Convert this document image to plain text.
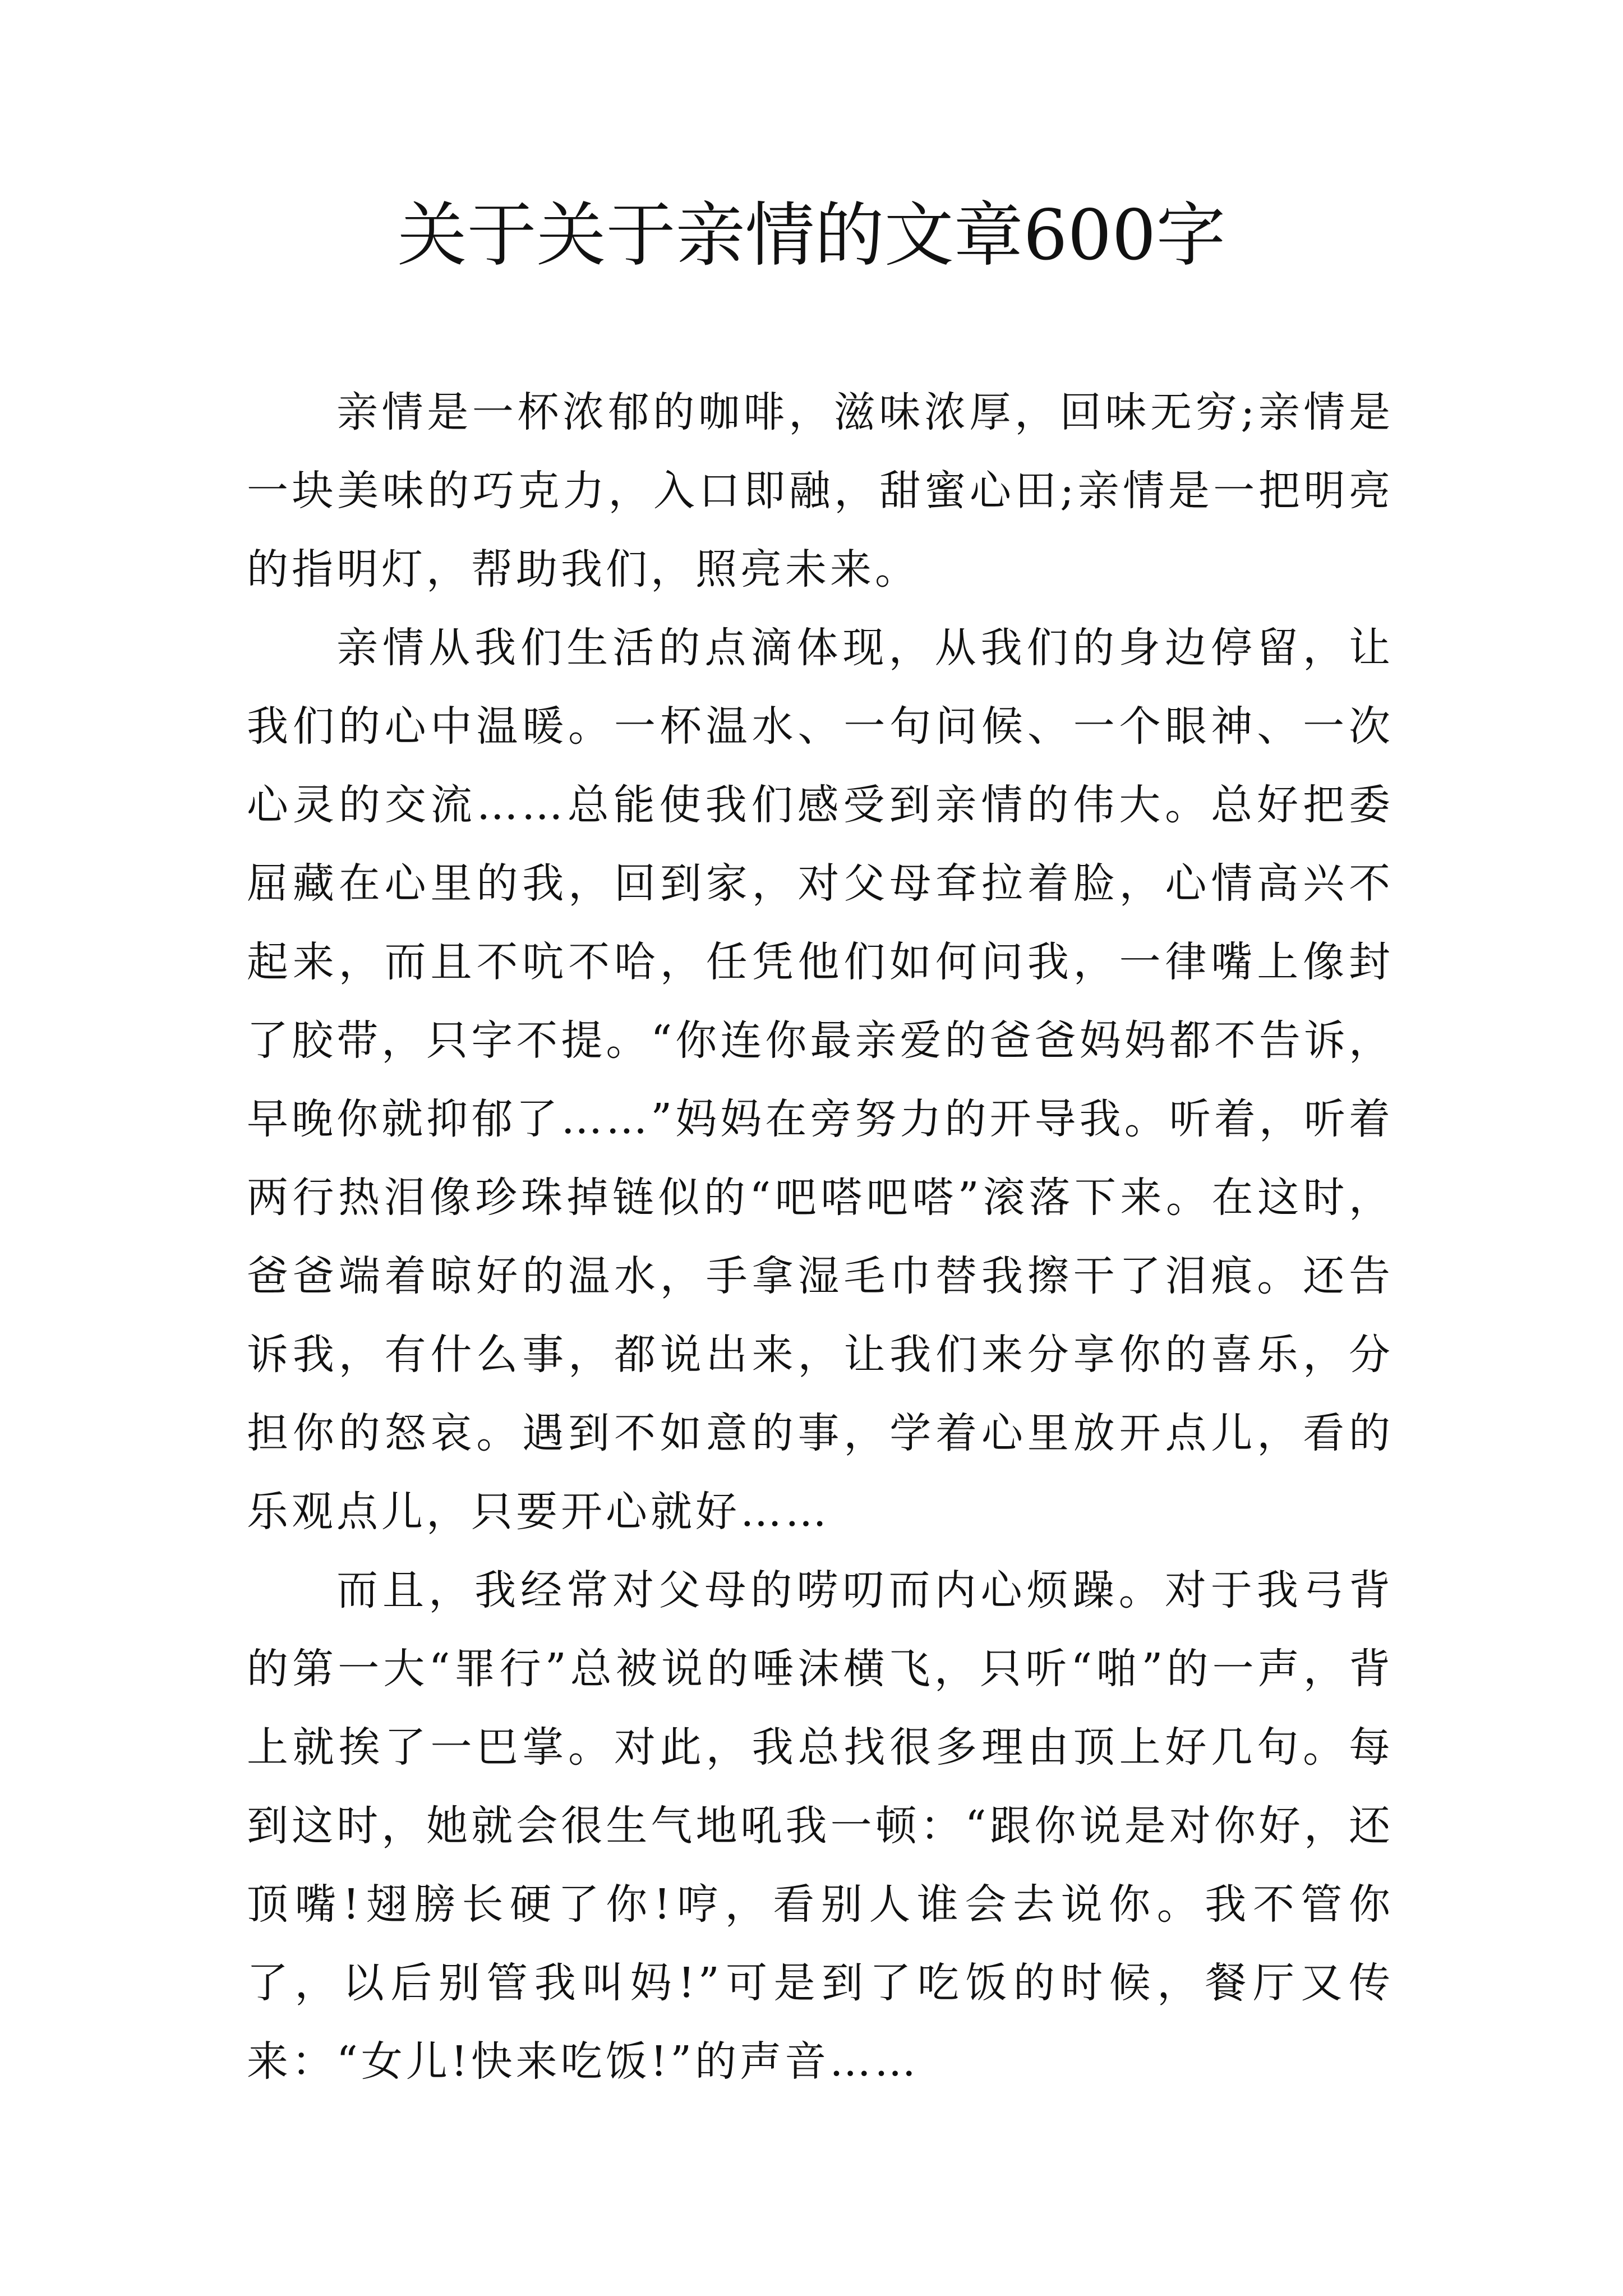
关于关于亲情的文章600字

亲情是一杯浓郁的咖啡，滋味浓厚，回味无穷;亲情是一块美味的巧克力，入口即融，甜蜜心田;亲情是一把明亮的指明灯，帮助我们，照亮未来。

亲情从我们生活的点滴体现，从我们的身边停留，让我们的心中温暖。一杯温水、一句问候、一个眼神、一次心灵的交流……总能使我们感受到亲情的伟大。总好把委屈藏在心里的我，回到家，对父母耷拉着脸，心情高兴不起来，而且不吭不哈，任凭他们如何问我，一律嘴上像封了胶带，只字不提。“你连你最亲爱的爸爸妈妈都不告诉，早晚你就抑郁了……”妈妈在旁努力的开导我。听着，听着两行热泪像珍珠掉链似的“吧嗒吧嗒”滚落下来。在这时，爸爸端着晾好的温水，手拿湿毛巾替我擦干了泪痕。还告诉我，有什么事，都说出来，让我们来分享你的喜乐，分担你的怒哀。遇到不如意的事，学着心里放开点儿，看的乐观点儿，只要开心就好……

而且，我经常对父母的唠叨而内心烦躁。对于我弓背的第一大“罪行”总被说的唾沫横飞，只听“啪”的一声，背上就挨了一巴掌。对此，我总找很多理由顶上好几句。每到这时，她就会很生气地吼我一顿：“跟你说是对你好，还顶嘴!翅膀长硬了你!哼，看别人谁会去说你。我不管你了，以后别管我叫妈!”可是到了吃饭的时候，餐厅又传来：“女儿!快来吃饭!”的声音……
